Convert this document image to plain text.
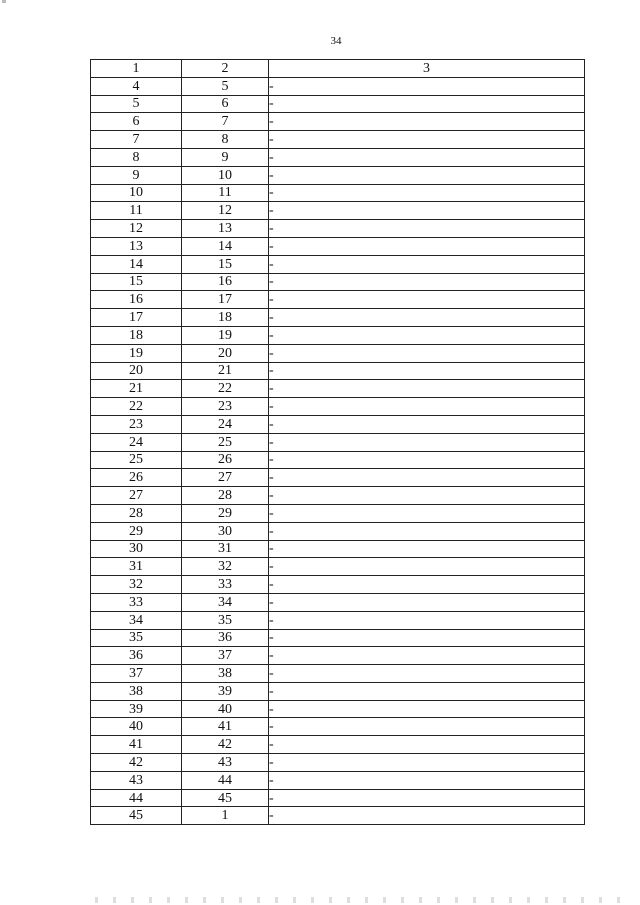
34
1	2	3
4	5	-
5	6	-
6	7	-
7	8	-
8	9	-
9	10	-
10	11	-
11	12	-
12	13	-
13	14	-
14	15	-
15	16	-
16	17	-
17	18	-
18	19	-
19	20	-
20	21	-
21	22	-
22	23	-
23	24	-
24	25	-
25	26	-
26	27	-
27	28	-
28	29	-
29	30	-
30	31	-
31	32	-
32	33	-
33	34	-
34	35	-
35	36	-
36	37	-
37	38	-
38	39	-
39	40	-
40	41	-
41	42	-
42	43	-
43	44	-
44	45	-
45	1	-
